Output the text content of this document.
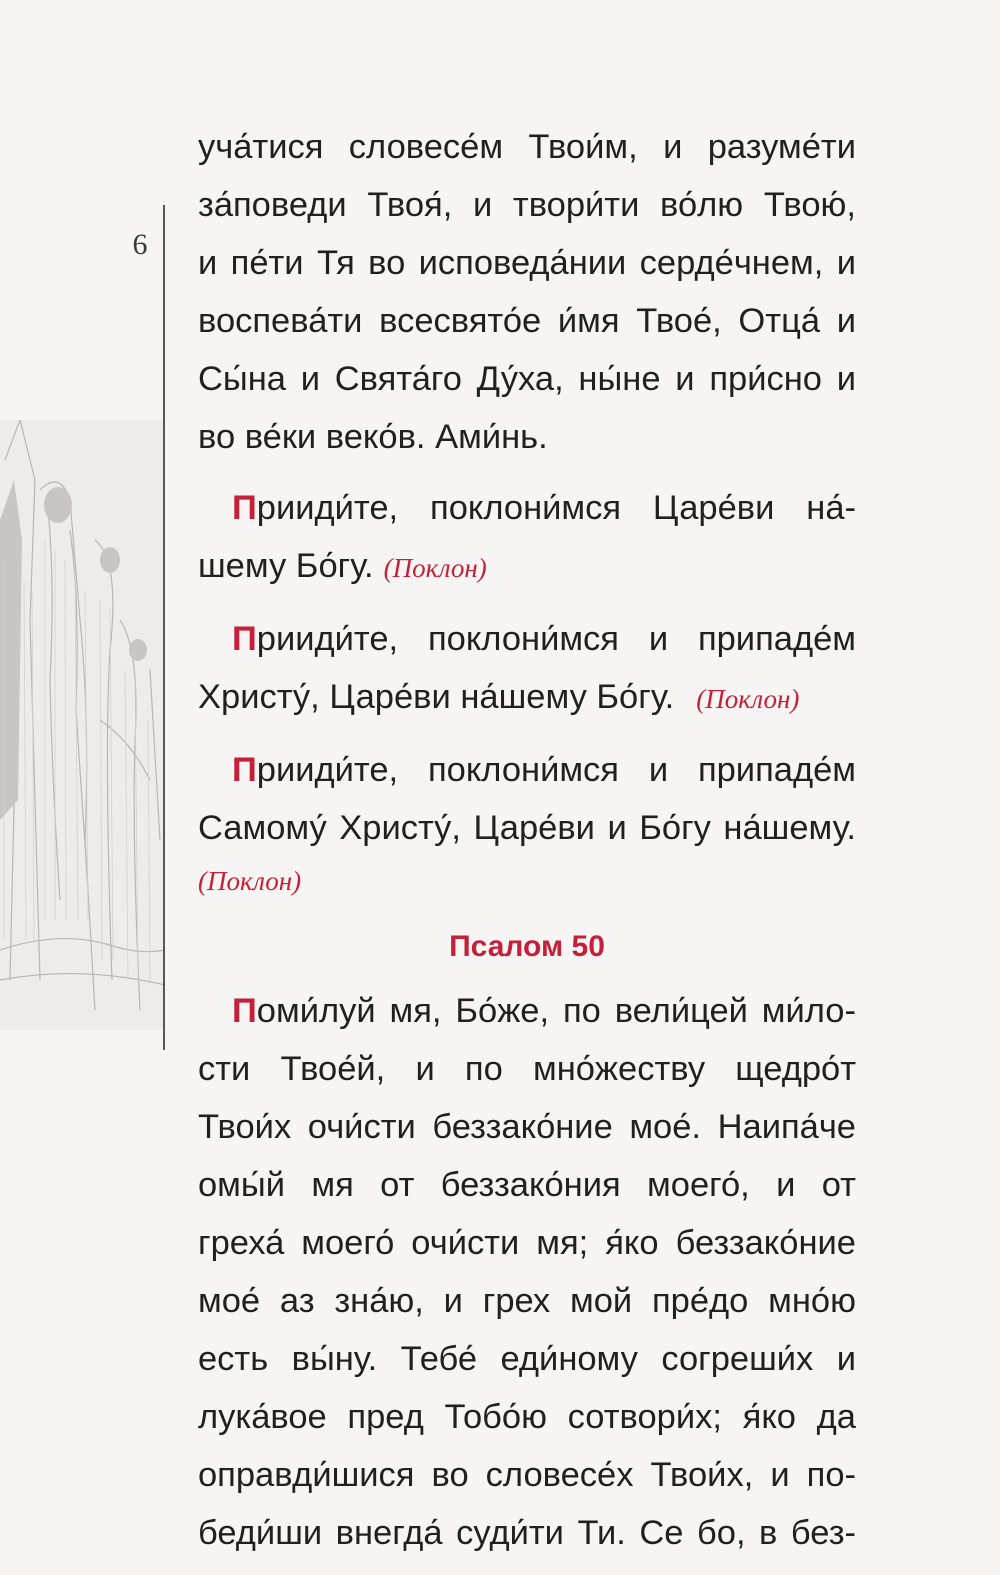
6
уча́тися словесе́м Твои́м, и разуме́ти
за́поведи Твоя́, и твори́ти во́лю Твою́,
и пе́ти Тя во исповеда́нии серде́чнем, и
воспева́ти всесвято́е и́мя Твое́, Отца́ и
Сы́на и Свята́го Ду́ха, ны́не и при́сно и
во ве́ки веко́в. Ами́нь.
Прииди́те, поклони́мся Царе́ви на́-
шему Бо́гу. (Поклон)
Прииди́те, поклони́мся и припаде́м
Христу́, Царе́ви на́шему Бо́гу. (Поклон)
Прииди́те, поклони́мся и припаде́м
Самому́ Христу́, Царе́ви и Бо́гу на́шему.
(Поклон)
Псалом 50
Поми́луй мя, Бо́же, по вели́цей ми́ло-
сти Твое́й, и по мно́жеству щедро́т
Твои́х очи́сти беззако́ние мое́. Наипа́че
омы́й мя от беззако́ния моего́, и от
греха́ моего́ очи́сти мя; я́ко беззако́ние
мое́ аз зна́ю, и грех мой пре́до мно́ю
есть вы́ну. Тебе́ еди́ному согреши́х и
лука́вое пред Тобо́ю сотвори́х; я́ко да
оправди́шися во словесе́х Твои́х, и по-
беди́ши внегда́ суди́ти Ти. Се бо, в без-
